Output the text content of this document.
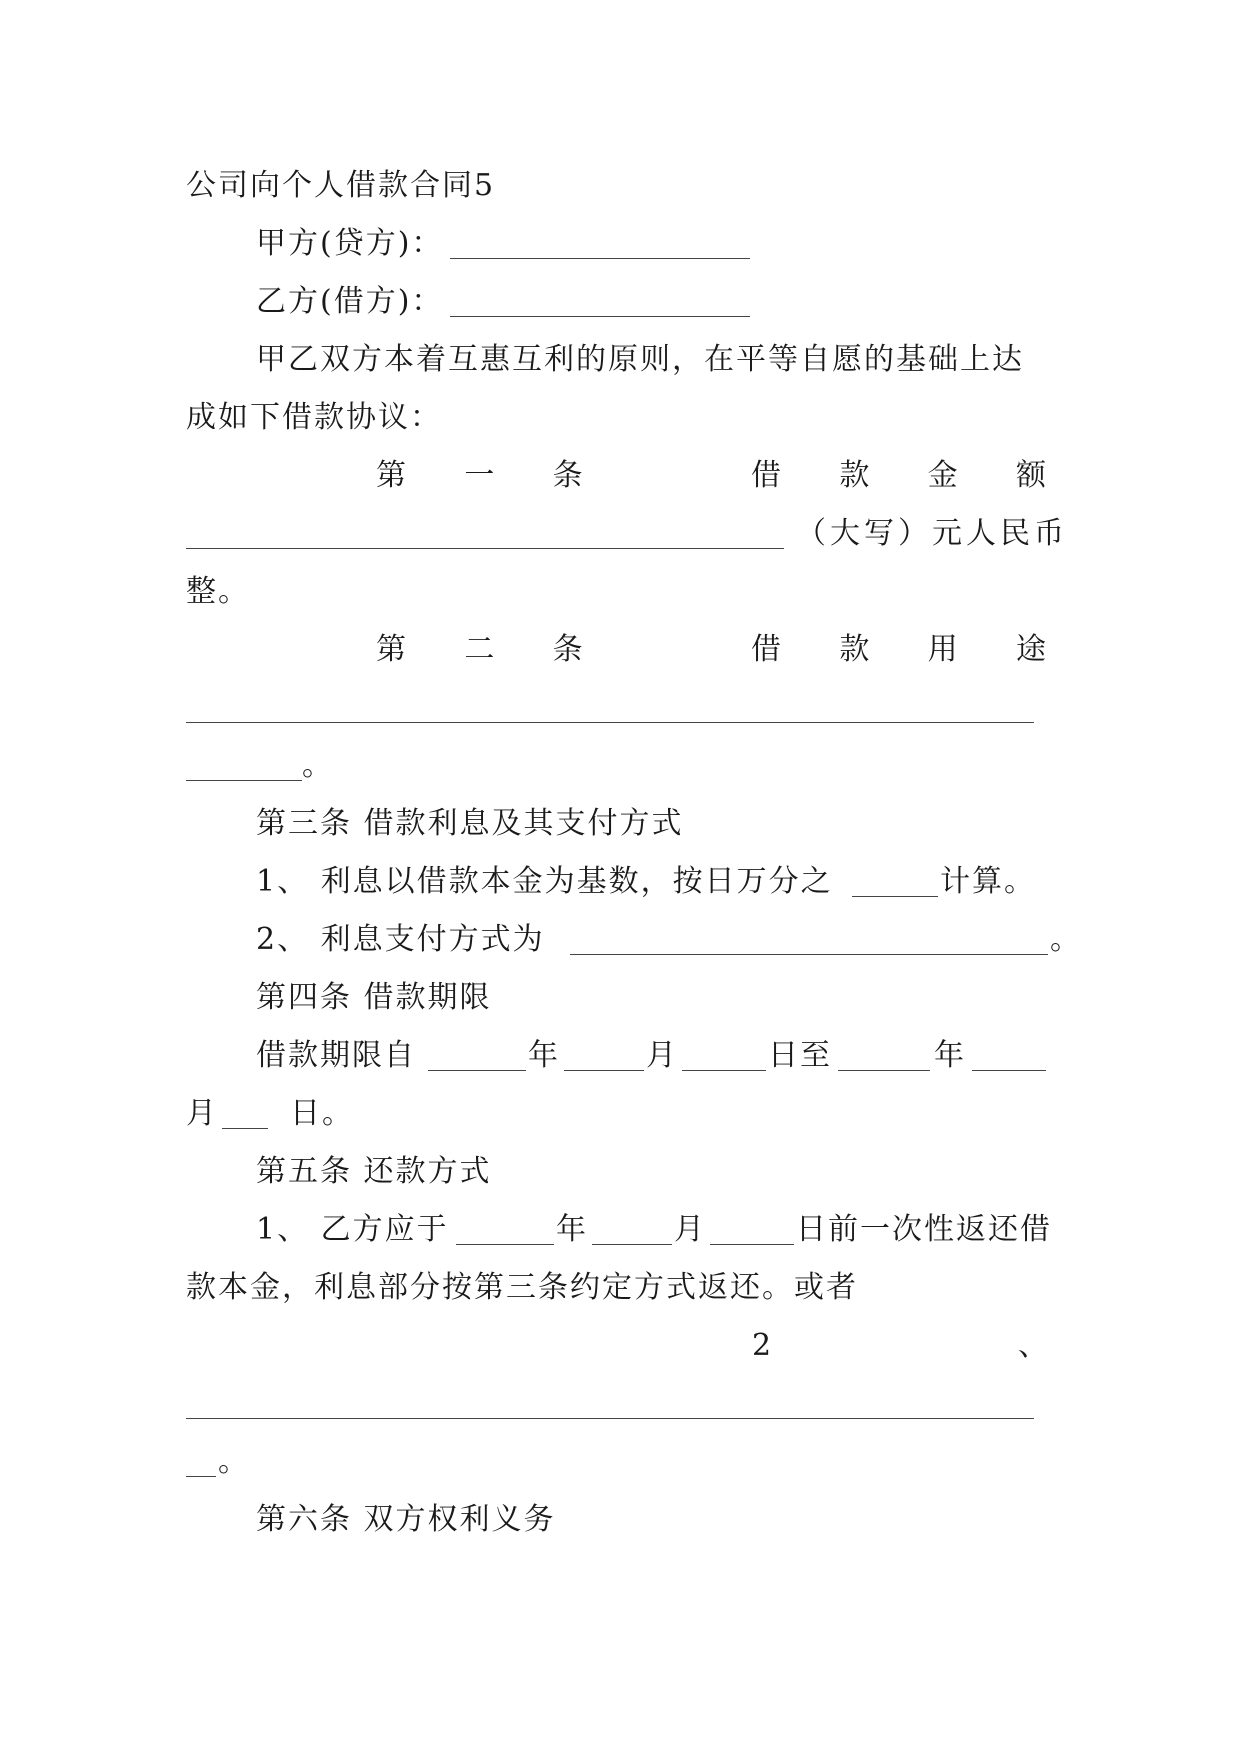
公司向个人借款合同5
甲方(贷方)：
乙方(借方)：
甲乙双方本着互惠互利的原则，在平等自愿的基础上达
成如下借款协议：
第 一 条	借 款 金 额
（大写）元人民币
整。
第 二 条	借 款 用 途
。
第三条 借款利息及其支付方式
1、 利息以借款本金为基数，按日万分之	计算。
2、 利息支付方式为	。
第四条 借款期限
借款期限自	年	月	日至	年
月 日。
第五条 还款方式
1、 乙方应于	年	月	日前一次性返还借
款本金，利息部分按第三条约定方式返还。或者
2	、
。
第六条 双方权利义务
